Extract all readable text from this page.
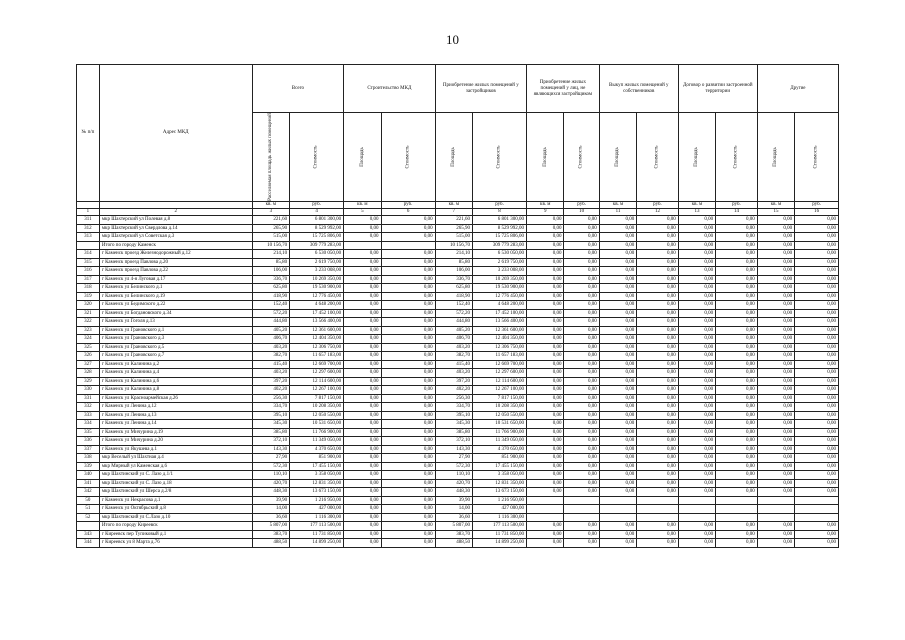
10
№ п/п	Адрес МКД	Всего		Строительство МКД		Приобретение жилых помещений у застройщиков		Приобретение жилых помещений у лиц, не являющихся застройщиком		Выкуп жилых помещений у собственников		Договор о развитии застроенной территории		Другие	

		Расселяемая площадь жилых помещений	Стоимость	Площадь	Стоимость	Площадь	Стоимость	Площадь	Стоимость	Площадь	Стоимость	Площадь	Стоимость	Площадь	Стоимость

		кв. м	руб.	кв. м	руб.	кв. м	руб.	кв. м	руб.	кв. м	руб.	кв. м	руб.	кв. м	руб.
1	2	3	4	5	6	7	8	9	10	11	12	13	14	15	16
311	мкр Шахтерский ул Полевая д.8	221,60	6 801 300,00	0,00	0,00	221,60	6 801 300,00	0,00	0,00	0,00	0,00	0,00	0,00	0,00	0,00
312	мкр Шахтерский ул Свердлова д.14	265,90	8 529 992,00	0,00	0,00	265,90	8 529 992,00	0,00	0,00	0,00	0,00	0,00	0,00	0,00	0,00
313	мкр Шахтерский ул Советская д.3	515,00	15 725 806,00	0,00	0,00	515,00	15 725 806,00	0,00	0,00	0,00	0,00	0,00	0,00	0,00	0,00
	Итого по городу Каменск	10 156,70	309 779 283,00			10 156,70	309 779 283,00	0,00	0,00	0,00	0,00	0,00	0,00	0,00	0,00
314	г Каменск проезд Железнодорожный д.12	214,10	6 530 050,00	0,00	0,00	214,10	6 530 050,00	0,00	0,00	0,00	0,00	0,00	0,00	0,00	0,00
315	г Каменск проезд Павлова д.20	85,80	2 619 750,00	0,00	0,00	85,80	2 619 750,00	0,00	0,00	0,00	0,00	0,00	0,00	0,00	0,00
316	г Каменск проезд Павлова д.22	106,00	3 233 008,00	0,00	0,00	106,00	3 233 008,00	0,00	0,00	0,00	0,00	0,00	0,00	0,00	0,00
317	г Каменск ул 4-я Луговая д.17	336,70	10 269 350,00	0,00	0,00	336,70	10 269 350,00	0,00	0,00	0,00	0,00	0,00	0,00	0,00	0,00
318	г Каменск ул Белинского д.1	625,80	19 530 900,00	0,00	0,00	625,80	19 530 900,00	0,00	0,00	0,00	0,00	0,00	0,00	0,00	0,00
319	г Каменск ул Белинского д.19	418,90	12 776 450,00	0,00	0,00	418,90	12 776 450,00	0,00	0,00	0,00	0,00	0,00	0,00	0,00	0,00
320	г Каменск ул Бедимского д.22	152,40	4 648 200,00	0,00	0,00	152,40	4 648 200,00	0,00	0,00	0,00	0,00	0,00	0,00	0,00	0,00
321	г Каменск ул Богдановского д.34	572,20	17 452 100,00	0,00	0,00	572,20	17 452 100,00	0,00	0,00	0,00	0,00	0,00	0,00	0,00	0,00
322	г Каменск ул Гоголя д.13	444,80	13 566 400,00	0,00	0,00	444,80	13 566 400,00	0,00	0,00	0,00	0,00	0,00	0,00	0,00	0,00
323	г Каменск ул Грановского д.1	405,20	12 361 600,00	0,00	0,00	405,20	12 361 600,00	0,00	0,00	0,00	0,00	0,00	0,00	0,00	0,00
324	г Каменск ул Грановского д.3	406,70	12 404 350,00	0,00	0,00	406,70	12 404 350,00	0,00	0,00	0,00	0,00	0,00	0,00	0,00	0,00
325	г Каменск ул Грановского д.5	403,20	12 306 750,00	0,00	0,00	403,20	12 306 750,00	0,00	0,00	0,00	0,00	0,00	0,00	0,00	0,00
326	г Каменск ул Грановского д.7	382,70	11 657 183,00	0,00	0,00	382,70	11 657 183,00	0,00	0,00	0,00	0,00	0,00	0,00	0,00	0,00
327	г Каменск ул Калинина д.2	415,40	12 669 700,00	0,00	0,00	415,40	12 669 700,00	0,00	0,00	0,00	0,00	0,00	0,00	0,00	0,00
328	г Каменск ул Калинина д.4	403,20	12 297 600,00	0,00	0,00	403,20	12 297 600,00	0,00	0,00	0,00	0,00	0,00	0,00	0,00	0,00
329	г Каменск ул Калинина д.6	397,20	12 114 600,00	0,00	0,00	397,20	12 114 600,00	0,00	0,00	0,00	0,00	0,00	0,00	0,00	0,00
330	г Каменск ул Калинина д.8	402,20	12 267 100,00	0,00	0,00	402,20	12 267 100,00	0,00	0,00	0,00	0,00	0,00	0,00	0,00	0,00
331	г Каменск ул Красноармейская д.26	256,30	7 817 150,00	0,00	0,00	256,30	7 817 150,00	0,00	0,00	0,00	0,00	0,00	0,00	0,00	0,00
332	г Каменск ул Ленина д.12	334,70	10 208 350,00	0,00	0,00	334,70	10 208 350,00	0,00	0,00	0,00	0,00	0,00	0,00	0,00	0,00
333	г Каменск ул Ленина д.13	395,10	12 050 550,00	0,00	0,00	395,10	12 050 550,00	0,00	0,00	0,00	0,00	0,00	0,00	0,00	0,00
334	г Каменск ул Ленина д.14	345,30	10 531 650,00	0,00	0,00	345,30	10 531 650,00	0,00	0,00	0,00	0,00	0,00	0,00	0,00	0,00
335	г Каменск ул Мичурина д.19	385,80	11 766 900,00	0,00	0,00	385,80	11 766 900,00	0,00	0,00	0,00	0,00	0,00	0,00	0,00	0,00
336	г Каменск ул Мичурина д.20	372,10	11 349 050,00	0,00	0,00	372,10	11 349 050,00	0,00	0,00	0,00	0,00	0,00	0,00	0,00	0,00
337	г Каменск ул Якушева д.1	143,30	4 370 650,00	0,00	0,00	143,30	4 370 650,00	0,00	0,00	0,00	0,00	0,00	0,00	0,00	0,00
338	мкр Веселый ул Шахтная д.4	27,90	851 900,00	0,00	0,00	27,90	851 900,00	0,00	0,00	0,00	0,00	0,00	0,00	0,00	0,00
339	мкр Мирный ул Каменская д.6	572,30	17 455 150,00	0,00	0,00	572,30	17 455 150,00	0,00	0,00	0,00	0,00	0,00	0,00	0,00	0,00
340	мкр Шахтинский ул С. Лазо д.1/1	110,10	3 358 050,00	0,00	0,00	110,10	3 358 050,00	0,00	0,00	0,00	0,00	0,00	0,00	0,00	0,00
341	мкр Шахтинский ул С. Лазо д.18	420,70	12 831 350,00	0,00	0,00	420,70	12 831 350,00	0,00	0,00	0,00	0,00	0,00	0,00	0,00	0,00
342	мкр Шахтинский ул Шерса д.2/8	448,30	13 673 150,00	0,00	0,00	448,30	13 673 150,00	0,00	0,00	0,00	0,00	0,00	0,00	0,00	0,00
50	г Каменск ул Некрасова д.1	39,90	1 216 950,00	0,00	0,00	39,90	1 216 950,00								
51	г Каменск ул Октябрьский д.8	14,00	427 000,00	0,00	0,00	14,00	427 000,00								
52	мкр Шахтинский ул С.Лазо д.10	36,60	1 116 300,00	0,00	0,00	36,60	1 116 300,00								
	Итого по городу Киреевск	5 807,00	177 113 500,00	0,00	0,00	5 807,00	177 113 500,00	0,00	0,00	0,00	0,00	0,00	0,00	0,00	0,00
343	г Киреевск пер Тупиковый д.1	383,70	11 731 850,00	0,00	0,00	383,70	11 731 850,00	0,00	0,00	0,00	0,00	0,00	0,00	0,00	0,00
344	г Киреевск ул 8 Марта д.76	488,50	14 899 250,00	0,00	0,00	488,50	14 899 250,00	0,00	0,00	0,00	0,00	0,00	0,00	0,00	0,00
